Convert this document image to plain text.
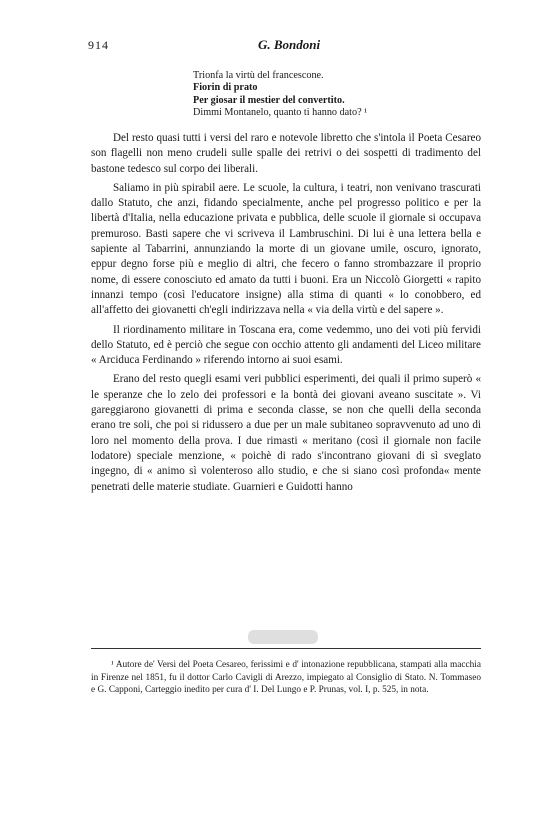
914	G. Bondoni
Trionfa la virtù del francescone.
Fiorin di prato
Per giosar il mestier del convertito.
Dimmi Montanelo, quanto ti hanno dato? ¹

Del resto quasi tutti i versi del raro e notevole libretto che s'intola il Poeta Cesareo son flagelli non meno crudeli sulle spalle dei retrivi o dei sospetti di tradimento del bastone tedesco sul corpo dei liberali.

Saliamo in più spirabil aere. Le scuole, la cultura, i teatri, non venivano trascurati dallo Statuto, che anzi, fidando specialmente, anche pel progresso politico e per la libertà d'Italia, nella educazione privata e pubblica, delle scuole il giornale si occupava premuroso. Basti sapere che vi scriveva il Lambruschini. Di lui è una lettera bella e sapiente al Tabarrini, annunziando la morte di un giovane umile, oscuro, ignorato, eppur degno forse più e meglio di altri, che fecero o fanno strombazzare il proprio nome, di essere conosciuto ed amato da tutti i buoni. Era un Niccolò Giorgetti « rapito innanzi tempo (così l'educatore insigne) alla stima di quanti « lo conobbero, ed all'affetto dei giovanetti ch'egli indirizzava nella « via della virtù e del sapere ».

Il riordinamento militare in Toscana era, come vedemmo, uno dei voti più fervidi dello Statuto, ed è perciò che segue con occhio attento gli andamenti del Liceo militare « Arciduca Ferdinando » riferendo intorno ai suoi esami.

Erano del resto quegli esami veri pubblici esperimenti, dei quali il primo superò « le speranze che lo zelo dei professori e la bontà dei giovani aveano suscitate ». Vi gareggiarono giovanetti di prima e seconda classe, se non che quelli della seconda erano tre soli, che poi si ridussero a due per un male subitaneo sopravvenuto ad uno di loro nel momento della prova. I due rimasti « meritano (così il giornale non facile lodatore) speciale menzione, « poichè di rado s'incontrano giovani di sì sveglato ingegno, di « animo sì volenteroso allo studio, e che si siano così profonda« mente penetrati delle materie studiate. Guarnieri e Guidotti hanno

¹ Autore de' Versi del Poeta Cesareo, ferissimi e d' intonazione repubblicana, stampati alla macchia in Firenze nel 1851, fu il dottor Carlo Cavigli di Arezzo, impiegato al Consiglio di Stato. N. Tommaseo e G. Capponi, Carteggio inedito per cura d' I. Del Lungo e P. Prunas, vol. I, p. 525, in nota.
